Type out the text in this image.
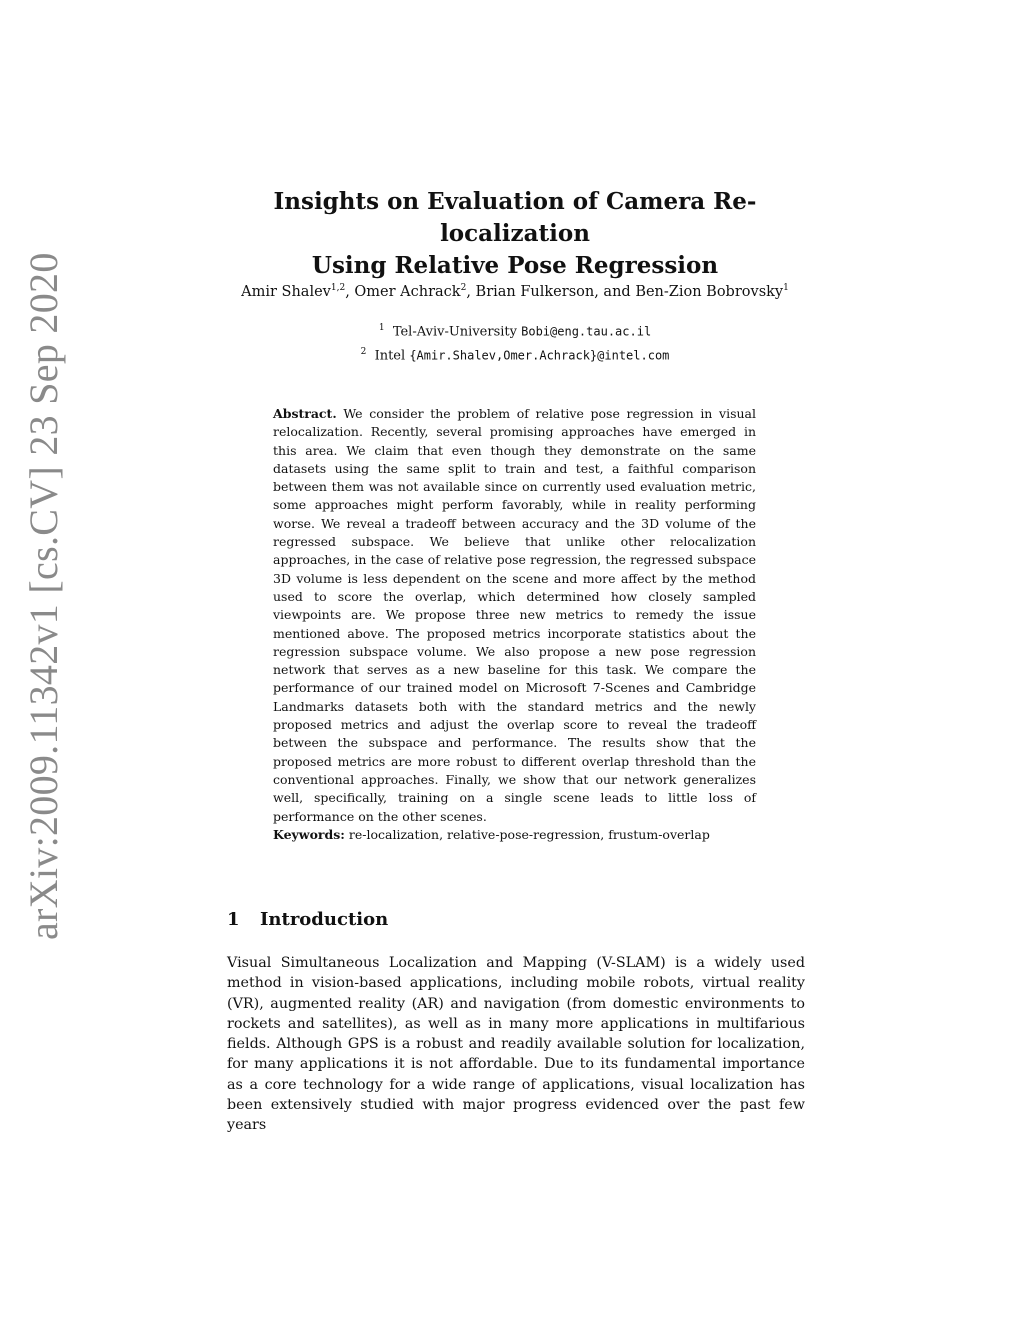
arXiv:2009.11342v1 [cs.CV] 23 Sep 2020
Insights on Evaluation of Camera Re-localization
Using Relative Pose Regression
Amir Shalev$^{1,2}$, Omer Achrack$^2$, Brian Fulkerson, and Ben-Zion Bobrovsky$^1$
$^1$ Tel-Aviv-University Bobi@eng.tau.ac.il
$^2$ Intel {Amir.Shalev,Omer.Achrack}@intel.com

Abstract. We consider the problem of relative pose regression in visual relocalization. Recently, several promising approaches have emerged in this area. We claim that even though they demonstrate on the same datasets using the same split to train and test, a faithful comparison between them was not available since on currently used evaluation metric, some approaches might perform favorably, while in reality performing worse. We reveal a tradeoff between accuracy and the 3D volume of the regressed subspace. We believe that unlike other relocalization approaches, in the case of relative pose regression, the regressed subspace 3D volume is less dependent on the scene and more affect by the method used to score the overlap, which determined how closely sampled viewpoints are. We propose three new metrics to remedy the issue mentioned above. The proposed metrics incorporate statistics about the regression subspace volume. We also propose a new pose regression network that serves as a new baseline for this task. We compare the performance of our trained model on Microsoft 7-Scenes and Cambridge Landmarks datasets both with the standard metrics and the newly proposed metrics and adjust the overlap score to reveal the tradeoff between the subspace and performance. The results show that the proposed metrics are more robust to different overlap threshold than the conventional approaches. Finally, we show that our network generalizes well, specifically, training on a single scene leads to little loss of performance on the other scenes.

Keywords: re-localization, relative-pose-regression, frustum-overlap

1 Introduction

Visual Simultaneous Localization and Mapping (V-SLAM) is a widely used method in vision-based applications, including mobile robots, virtual reality (VR), augmented reality (AR) and navigation (from domestic environments to rockets and satellites), as well as in many more applications in multifarious fields. Although GPS is a robust and readily available solution for localization, for many applications it is not affordable. Due to its fundamental importance as a core technology for a wide range of applications, visual localization has been extensively studied with major progress evidenced over the past few years
